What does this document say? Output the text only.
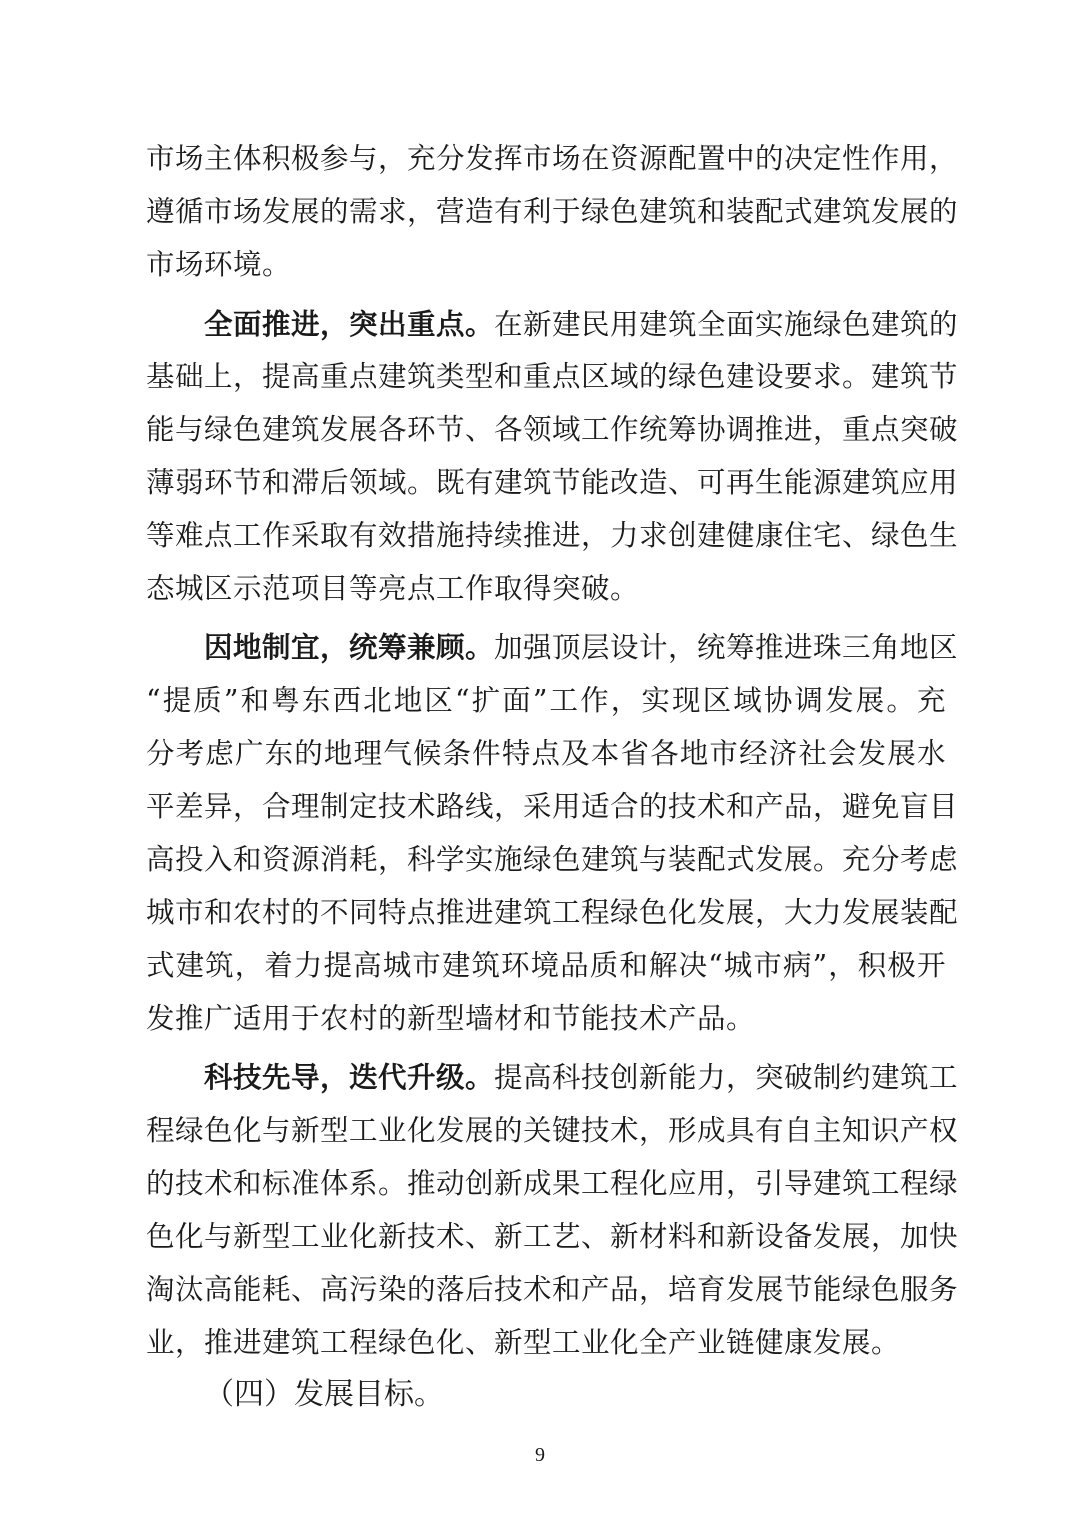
市场主体积极参与，充分发挥市场在资源配置中的决定性作用，
遵循市场发展的需求，营造有利于绿色建筑和装配式建筑发展的
市场环境。
全面推进，突出重点。在新建民用建筑全面实施绿色建筑的
基础上，提高重点建筑类型和重点区域的绿色建设要求。建筑节
能与绿色建筑发展各环节、各领域工作统筹协调推进，重点突破
薄弱环节和滞后领域。既有建筑节能改造、可再生能源建筑应用
等难点工作采取有效措施持续推进，力求创建健康住宅、绿色生
态城区示范项目等亮点工作取得突破。
因地制宜，统筹兼顾。加强顶层设计，统筹推进珠三角地区
“提质”和粤东西北地区“扩面”工作，实现区域协调发展。充
分考虑广东的地理气候条件特点及本省各地市经济社会发展水
平差异，合理制定技术路线，采用适合的技术和产品，避免盲目
高投入和资源消耗，科学实施绿色建筑与装配式发展。充分考虑
城市和农村的不同特点推进建筑工程绿色化发展，大力发展装配
式建筑，着力提高城市建筑环境品质和解决“城市病”，积极开
发推广适用于农村的新型墙材和节能技术产品。
科技先导，迭代升级。提高科技创新能力，突破制约建筑工
程绿色化与新型工业化发展的关键技术，形成具有自主知识产权
的技术和标准体系。推动创新成果工程化应用，引导建筑工程绿
色化与新型工业化新技术、新工艺、新材料和新设备发展，加快
淘汰高能耗、高污染的落后技术和产品，培育发展节能绿色服务
业，推进建筑工程绿色化、新型工业化全产业链健康发展。
（四）发展目标。
9
